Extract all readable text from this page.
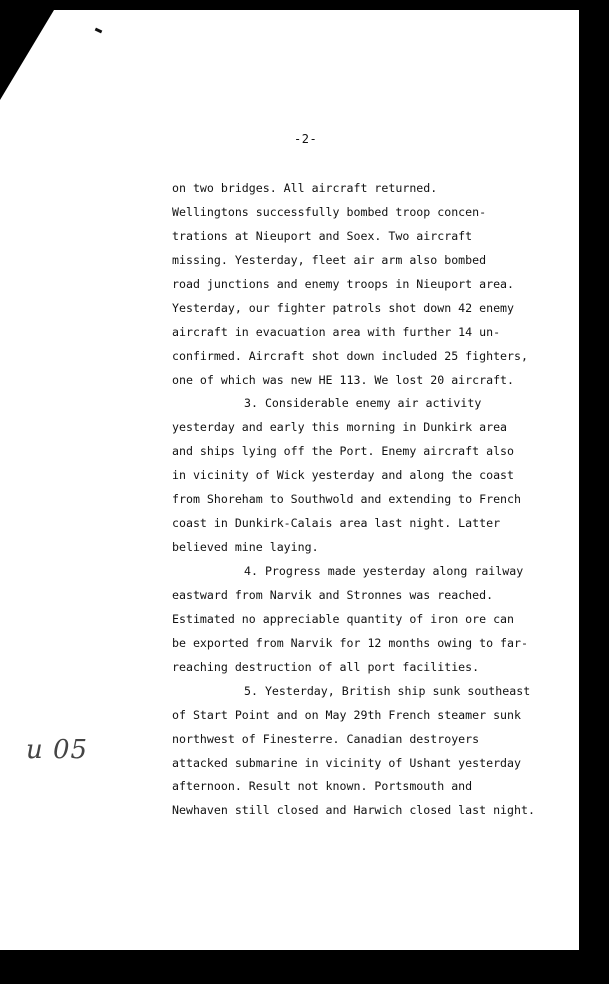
-2-
on two bridges. All aircraft returned.
Wellingtons successfully bombed troop concen-
trations at Nieuport and Soex. Two aircraft
missing. Yesterday, fleet air arm also bombed
road junctions and enemy troops in Nieuport area.
Yesterday, our fighter patrols shot down 42 enemy
aircraft in evacuation area with further 14 un-
confirmed. Aircraft shot down included 25 fighters,
one of which was new HE 113. We lost 20 aircraft.
3. Considerable enemy air activity
yesterday and early this morning in Dunkirk area
and ships lying off the Port. Enemy aircraft also
in vicinity of Wick yesterday and along the coast
from Shoreham to Southwold and extending to French
coast in Dunkirk-Calais area last night. Latter
believed mine laying.
4. Progress made yesterday along railway
eastward from Narvik and Stronnes was reached.
Estimated no appreciable quantity of iron ore can
be exported from Narvik for 12 months owing to far-
reaching destruction of all port facilities.
5. Yesterday, British ship sunk southeast
of Start Point and on May 29th French steamer sunk
northwest of Finesterre. Canadian destroyers
attacked submarine in vicinity of Ushant yesterday
afternoon. Result not known. Portsmouth and
Newhaven still closed and Harwich closed last night.
u 05
